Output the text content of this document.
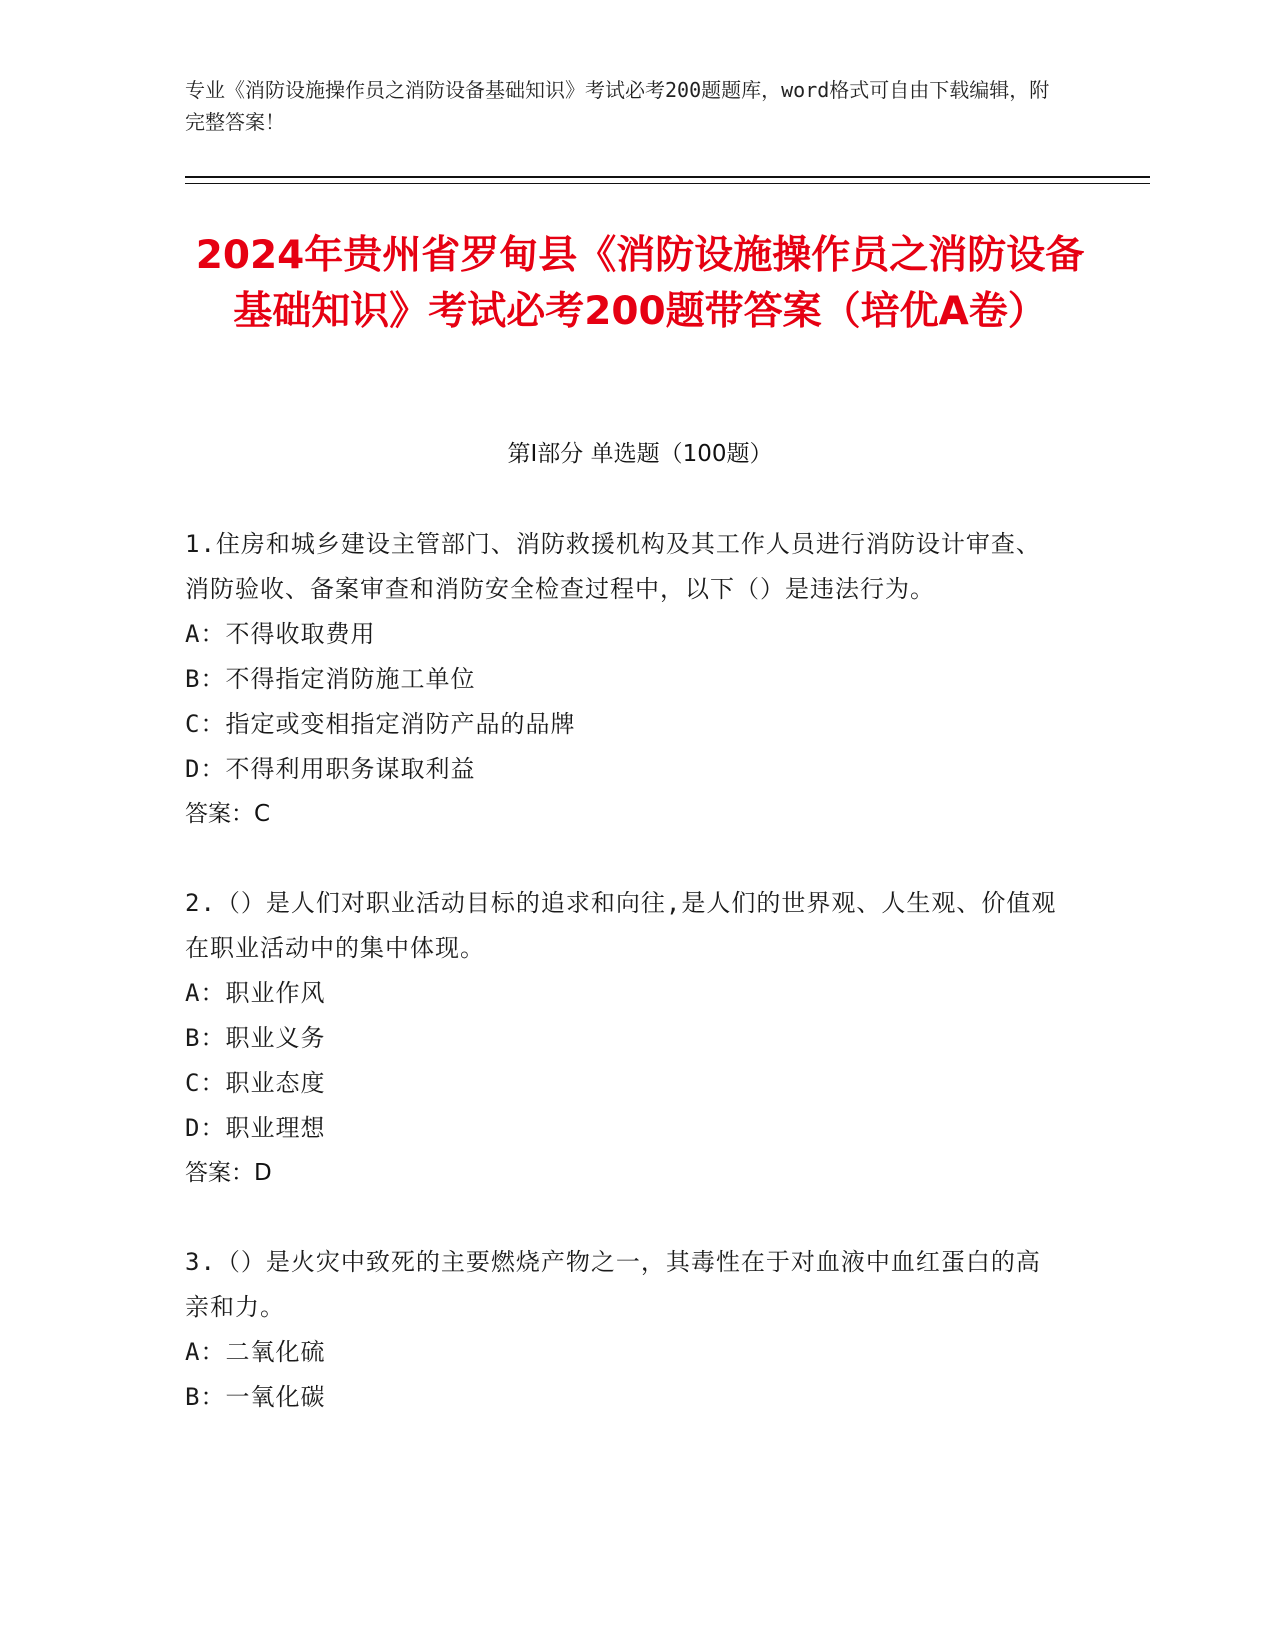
专业《消防设施操作员之消防设备基础知识》考试必考200题题库，word格式可自由下载编辑，附完整答案！
2024年贵州省罗甸县《消防设施操作员之消防设备基础知识》考试必考200题带答案（培优A卷）
第Ⅰ部分 单选题（100题）

1.住房和城乡建设主管部门、消防救援机构及其工作人员进行消防设计审查、消防验收、备案审查和消防安全检查过程中，以下（）是违法行为。

A：不得收取费用

B：不得指定消防施工单位

C：指定或变相指定消防产品的品牌

D：不得利用职务谋取利益

答案：C

2.（）是人们对职业活动目标的追求和向往,是人们的世界观、人生观、价值观在职业活动中的集中体现。

A：职业作风

B：职业义务

C：职业态度

D：职业理想

答案：D

3.（）是火灾中致死的主要燃烧产物之一，其毒性在于对血液中血红蛋白的高亲和力。

A：二氧化硫

B：一氧化碳
